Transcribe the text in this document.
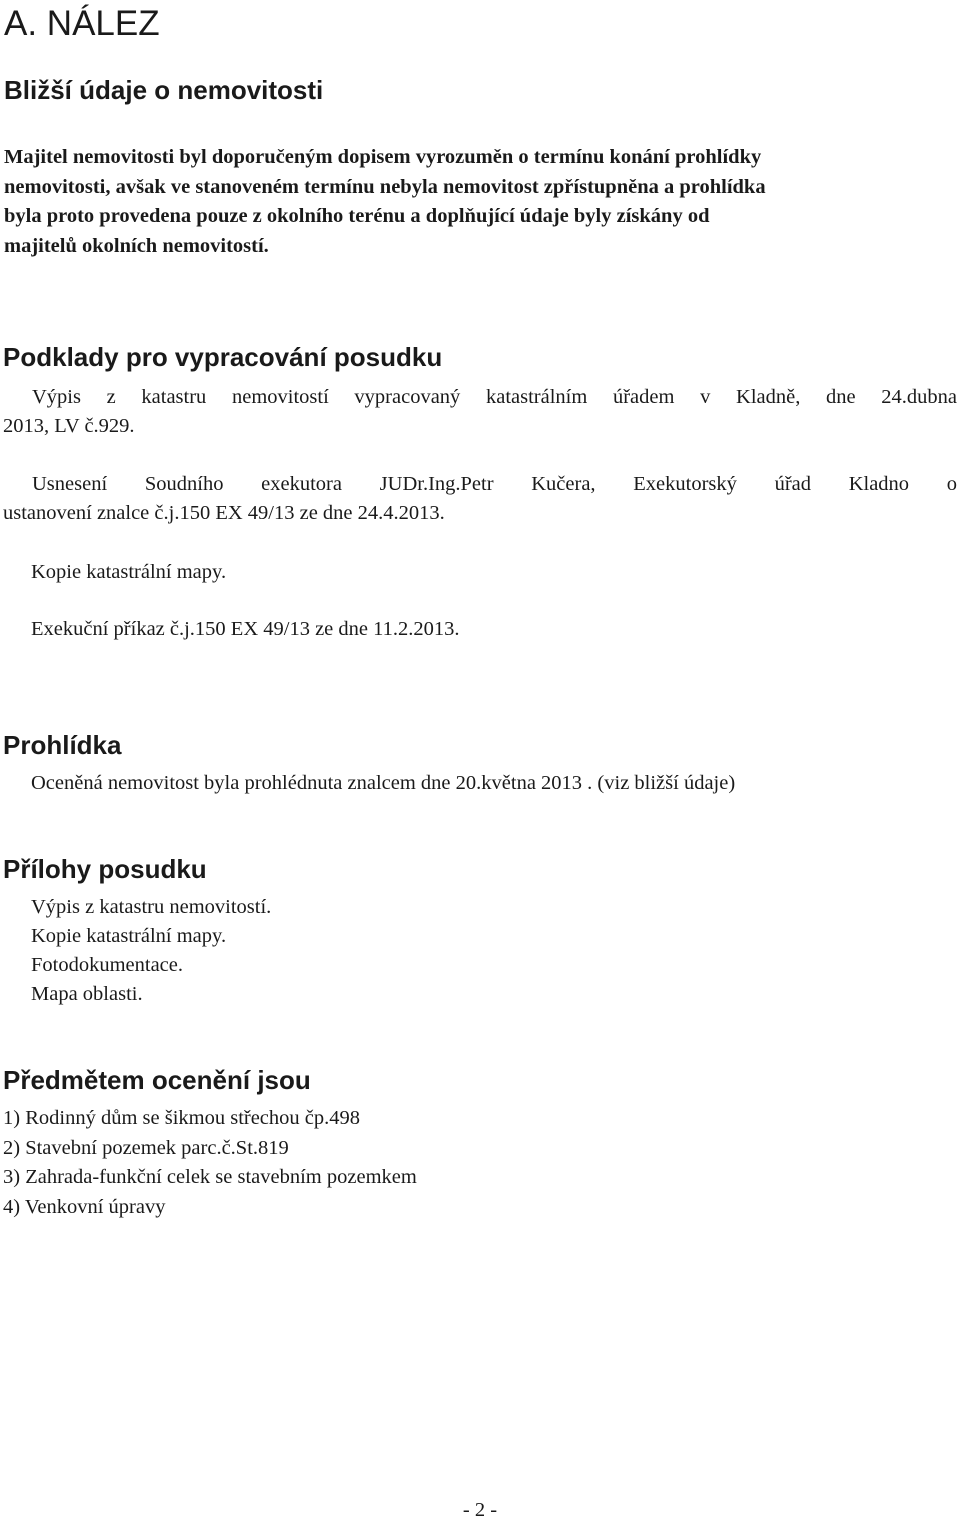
A. NÁLEZ
Bližší údaje o nemovitosti
Majitel nemovitosti byl doporučeným dopisem vyrozuměn o termínu konání prohlídky
nemovitosti, avšak ve stanoveném termínu nebyla nemovitost zpřístupněna a prohlídka
byla proto provedena pouze z okolního terénu a doplňující údaje byly získány od
majitelů okolních nemovitostí.
Podklady pro vypracování posudku
Výpis z katastru nemovitostí vypracovaný katastrálním úřadem v Kladně, dne 24.dubna
2013, LV č.929.
Usnesení Soudního exekutora JUDr.Ing.Petr Kučera, Exekutorský úřad Kladno o
ustanovení znalce č.j.150 EX 49/13 ze dne 24.4.2013.

Kopie katastrální mapy.

Exekuční příkaz č.j.150 EX 49/13 ze dne 11.2.2013.

Prohlídka

Oceněná nemovitost byla prohlédnuta znalcem dne 20.května 2013 . (viz bližší údaje)

Přílohy posudku
Výpis z katastru nemovitostí.
Kopie katastrální mapy.
Fotodokumentace.
Mapa oblasti.
Předmětem ocenění jsou
1) Rodinný dům se šikmou střechou čp.498
2) Stavební pozemek parc.č.St.819
3) Zahrada-funkční celek se stavebním pozemkem
4) Venkovní úpravy

- 2 -
